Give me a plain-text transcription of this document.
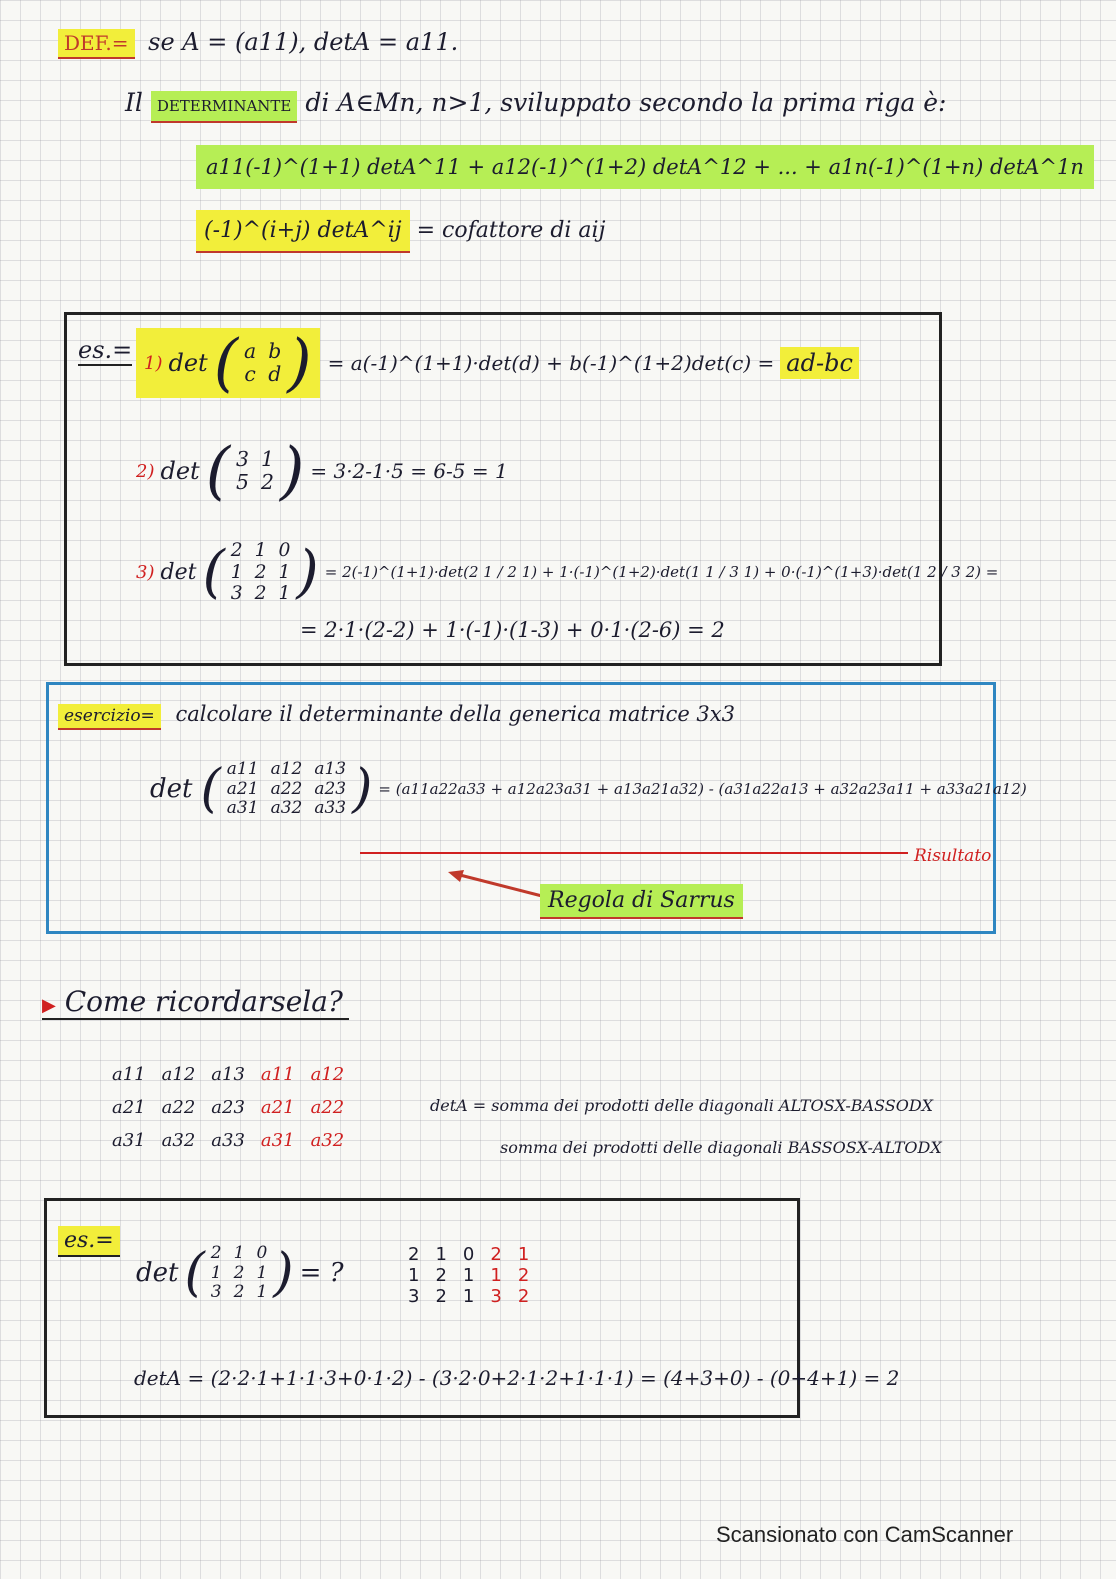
DEF.= se A = (a11), detA = a11.
Il DETERMINANTE di A∈Mn, n>1, sviluppato secondo la prima riga è:
a11(-1)^(1+1) detA^11 + a12(-1)^(1+2) detA^12 + ... + a1n(-1)^(1+n) detA^1n
(-1)^(i+j) detA^ij = cofattore di aij
es.= 1) det ( a	b
c	d ) = a(-1)^(1+1)·det(d) + b(-1)^(1+2)det(c) = ad-bc
2) det ( 3	1
5	2 ) = 3·2-1·5 = 6-5 = 1
3) det ( 2	1	0
1	2	1
3	2	1 ) = 2(-1)^(1+1)·det(2 1 / 2 1) + 1·(-1)^(1+2)·det(1 1 / 3 1) + 0·(-1)^(1+3)·det(1 2 / 3 2) =
= 2·1·(2-2) + 1·(-1)·(1-3) + 0·1·(2-6) = 2
esercizio= calcolare il determinante della generica matrice 3x3
det ( a11	a12	a13
a21	a22	a23
a31	a32	a33 ) = (a11a22a33 + a12a23a31 + a13a21a32) - (a31a22a13 + a32a23a11 + a33a21a12)
Risultato
Regola di Sarrus
▶ Come ricordarsela?
a11	a12	a13	a11	a12
a21	a22	a23	a21	a22
a31	a32	a33	a31	a32
detA = somma dei prodotti delle diagonali ALTOSX-BASSODX
somma dei prodotti delle diagonali BASSOSX-ALTODX
es.=
det ( 2	1	0
1	2	1
3	2	1 ) = ?
2	1	0	2	1
1	2	1	1	2
3	2	1	3	2
detA = (2·2·1+1·1·3+0·1·2) - (3·2·0+2·1·2+1·1·1) = (4+3+0) - (0+4+1) = 2
Scansionato con CamScanner
